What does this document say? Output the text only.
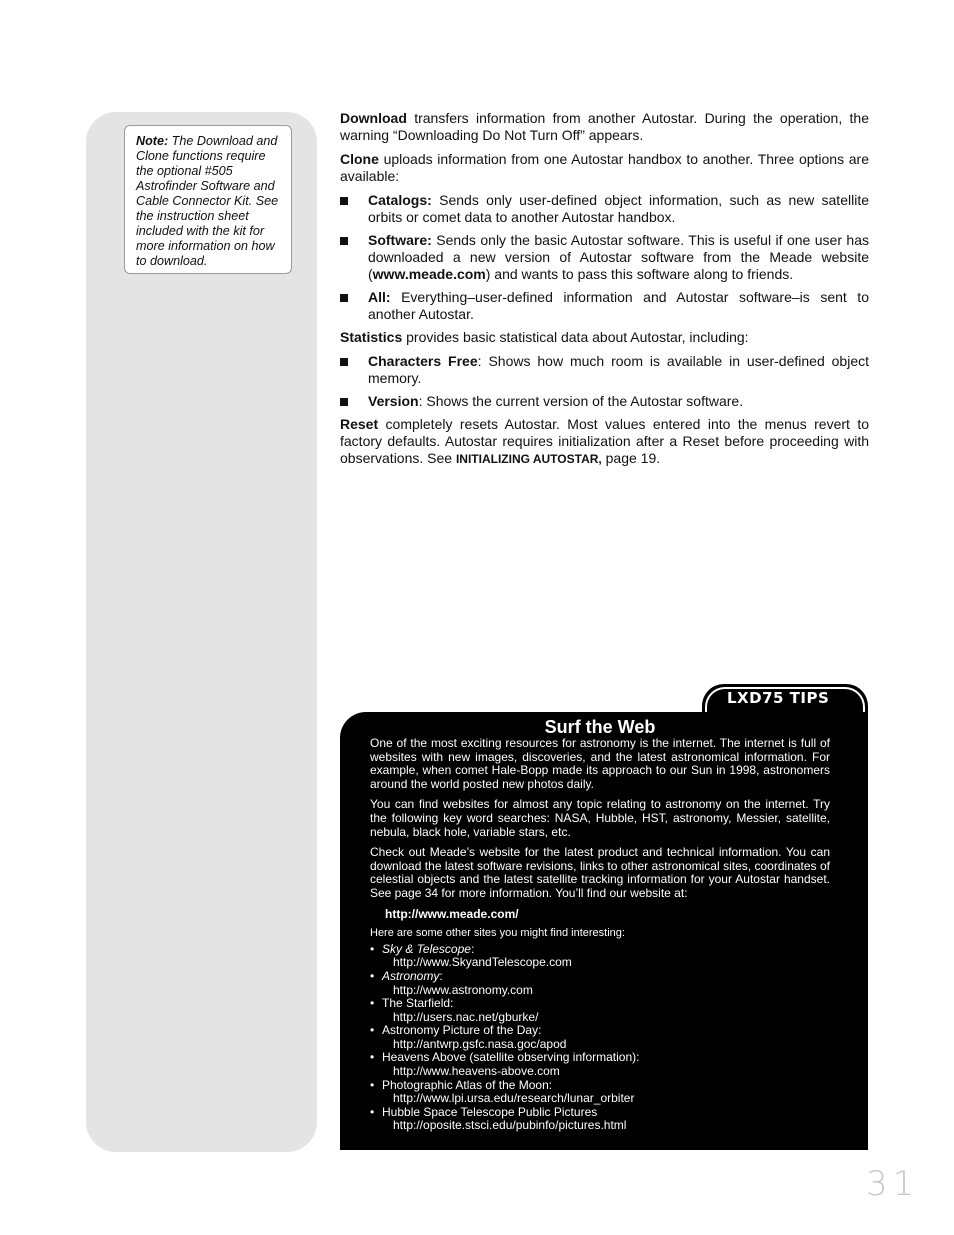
Note: The Download and Clone functions require the optional #505 Astrofinder Software and Cable Connector Kit. See the instruction sheet included with the kit for more information on how to download.

Download transfers information from another Autostar. During the operation, the warning “Downloading Do Not Turn Off” appears.

Clone uploads information from one Autostar handbox to another. Three options are available:

Catalogs: Sends only user-defined object information, such as new satellite orbits or comet data to another Autostar handbox.
Software: Sends only the basic Autostar software. This is useful if one user has downloaded a new version of Autostar software from the Meade website (www.meade.com) and wants to pass this software along to friends.
All: Everything–user-defined information and Autostar software–is sent to another Autostar.

Statistics provides basic statistical data about Autostar, including:

Characters Free: Shows how much room is available in user-defined object memory.
Version: Shows the current version of the Autostar software.

Reset completely resets Autostar. Most values entered into the menus revert to factory defaults. Autostar requires initialization after a Reset before proceeding with observations. See INITIALIZING AUTOSTAR, page 19.

LXD75 TIPS
Surf the Web

One of the most exciting resources for astronomy is the internet. The internet is full of websites with new images, discoveries, and the latest astronomical information. For example, when comet Hale-Bopp made its approach to our Sun in 1998, astronomers around the world posted new photos daily.

You can find websites for almost any topic relating to astronomy on the internet. Try the following key word searches: NASA, Hubble, HST, astronomy, Messier, satellite, nebula, black hole, variable stars, etc.

Check out Meade’s website for the latest product and technical information. You can download the latest software revisions, links to other astronomical sites, coordinates of celestial objects and the latest satellite tracking information for your Autostar handset. See page 34 for more information. You’ll find our website at:

http://www.meade.com/
Here are some other sites you might find interesting:
• Sky & Telescope:
http://www.SkyandTelescope.com
• Astronomy:
http://www.astronomy.com
• The Starfield:
http://users.nac.net/gburke/
• Astronomy Picture of the Day:
http://antwrp.gsfc.nasa.goc/apod
• Heavens Above (satellite observing information):
http://www.heavens-above.com
• Photographic Atlas of the Moon:
http://www.lpi.ursa.edu/research/lunar_orbiter
• Hubble Space Telescope Public Pictures
http://oposite.stsci.edu/pubinfo/pictures.html
31
